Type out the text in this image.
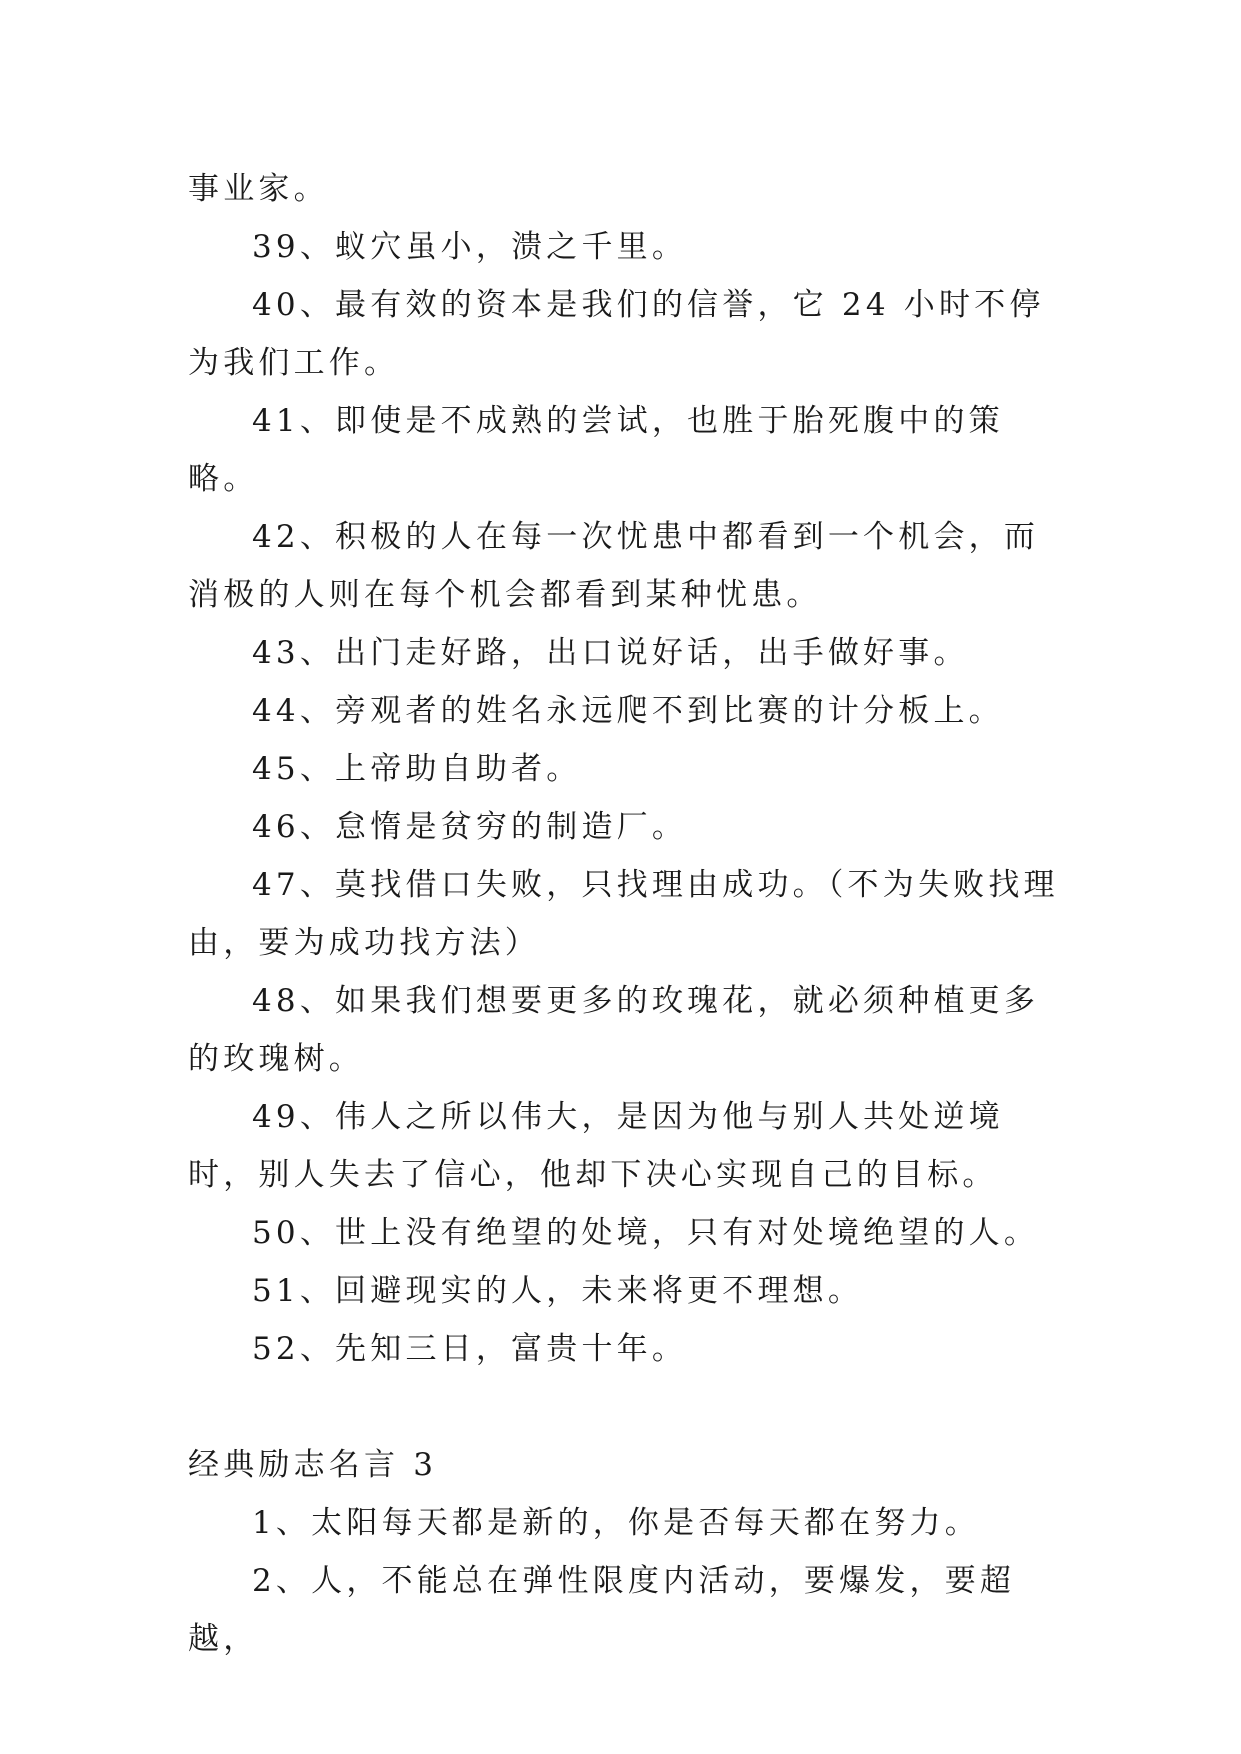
事业家。

39、蚁穴虽小，溃之千里。

40、最有效的资本是我们的信誉，它 24 小时不停为我们工作。

41、即使是不成熟的尝试，也胜于胎死腹中的策略。

42、积极的人在每一次忧患中都看到一个机会，而消极的人则在每个机会都看到某种忧患。

43、出门走好路，出口说好话，出手做好事。

44、旁观者的姓名永远爬不到比赛的计分板上。

45、上帝助自助者。

46、怠惰是贫穷的制造厂。

47、莫找借口失败，只找理由成功。（不为失败找理由，要为成功找方法）

48、如果我们想要更多的玫瑰花，就必须种植更多的玫瑰树。

49、伟人之所以伟大，是因为他与别人共处逆境时，别人失去了信心，他却下决心实现自己的目标。

50、世上没有绝望的处境，只有对处境绝望的人。

51、回避现实的人，未来将更不理想。

52、先知三日，富贵十年。

经典励志名言 3

1、太阳每天都是新的，你是否每天都在努力。

2、人，不能总在弹性限度内活动，要爆发，要超越，
